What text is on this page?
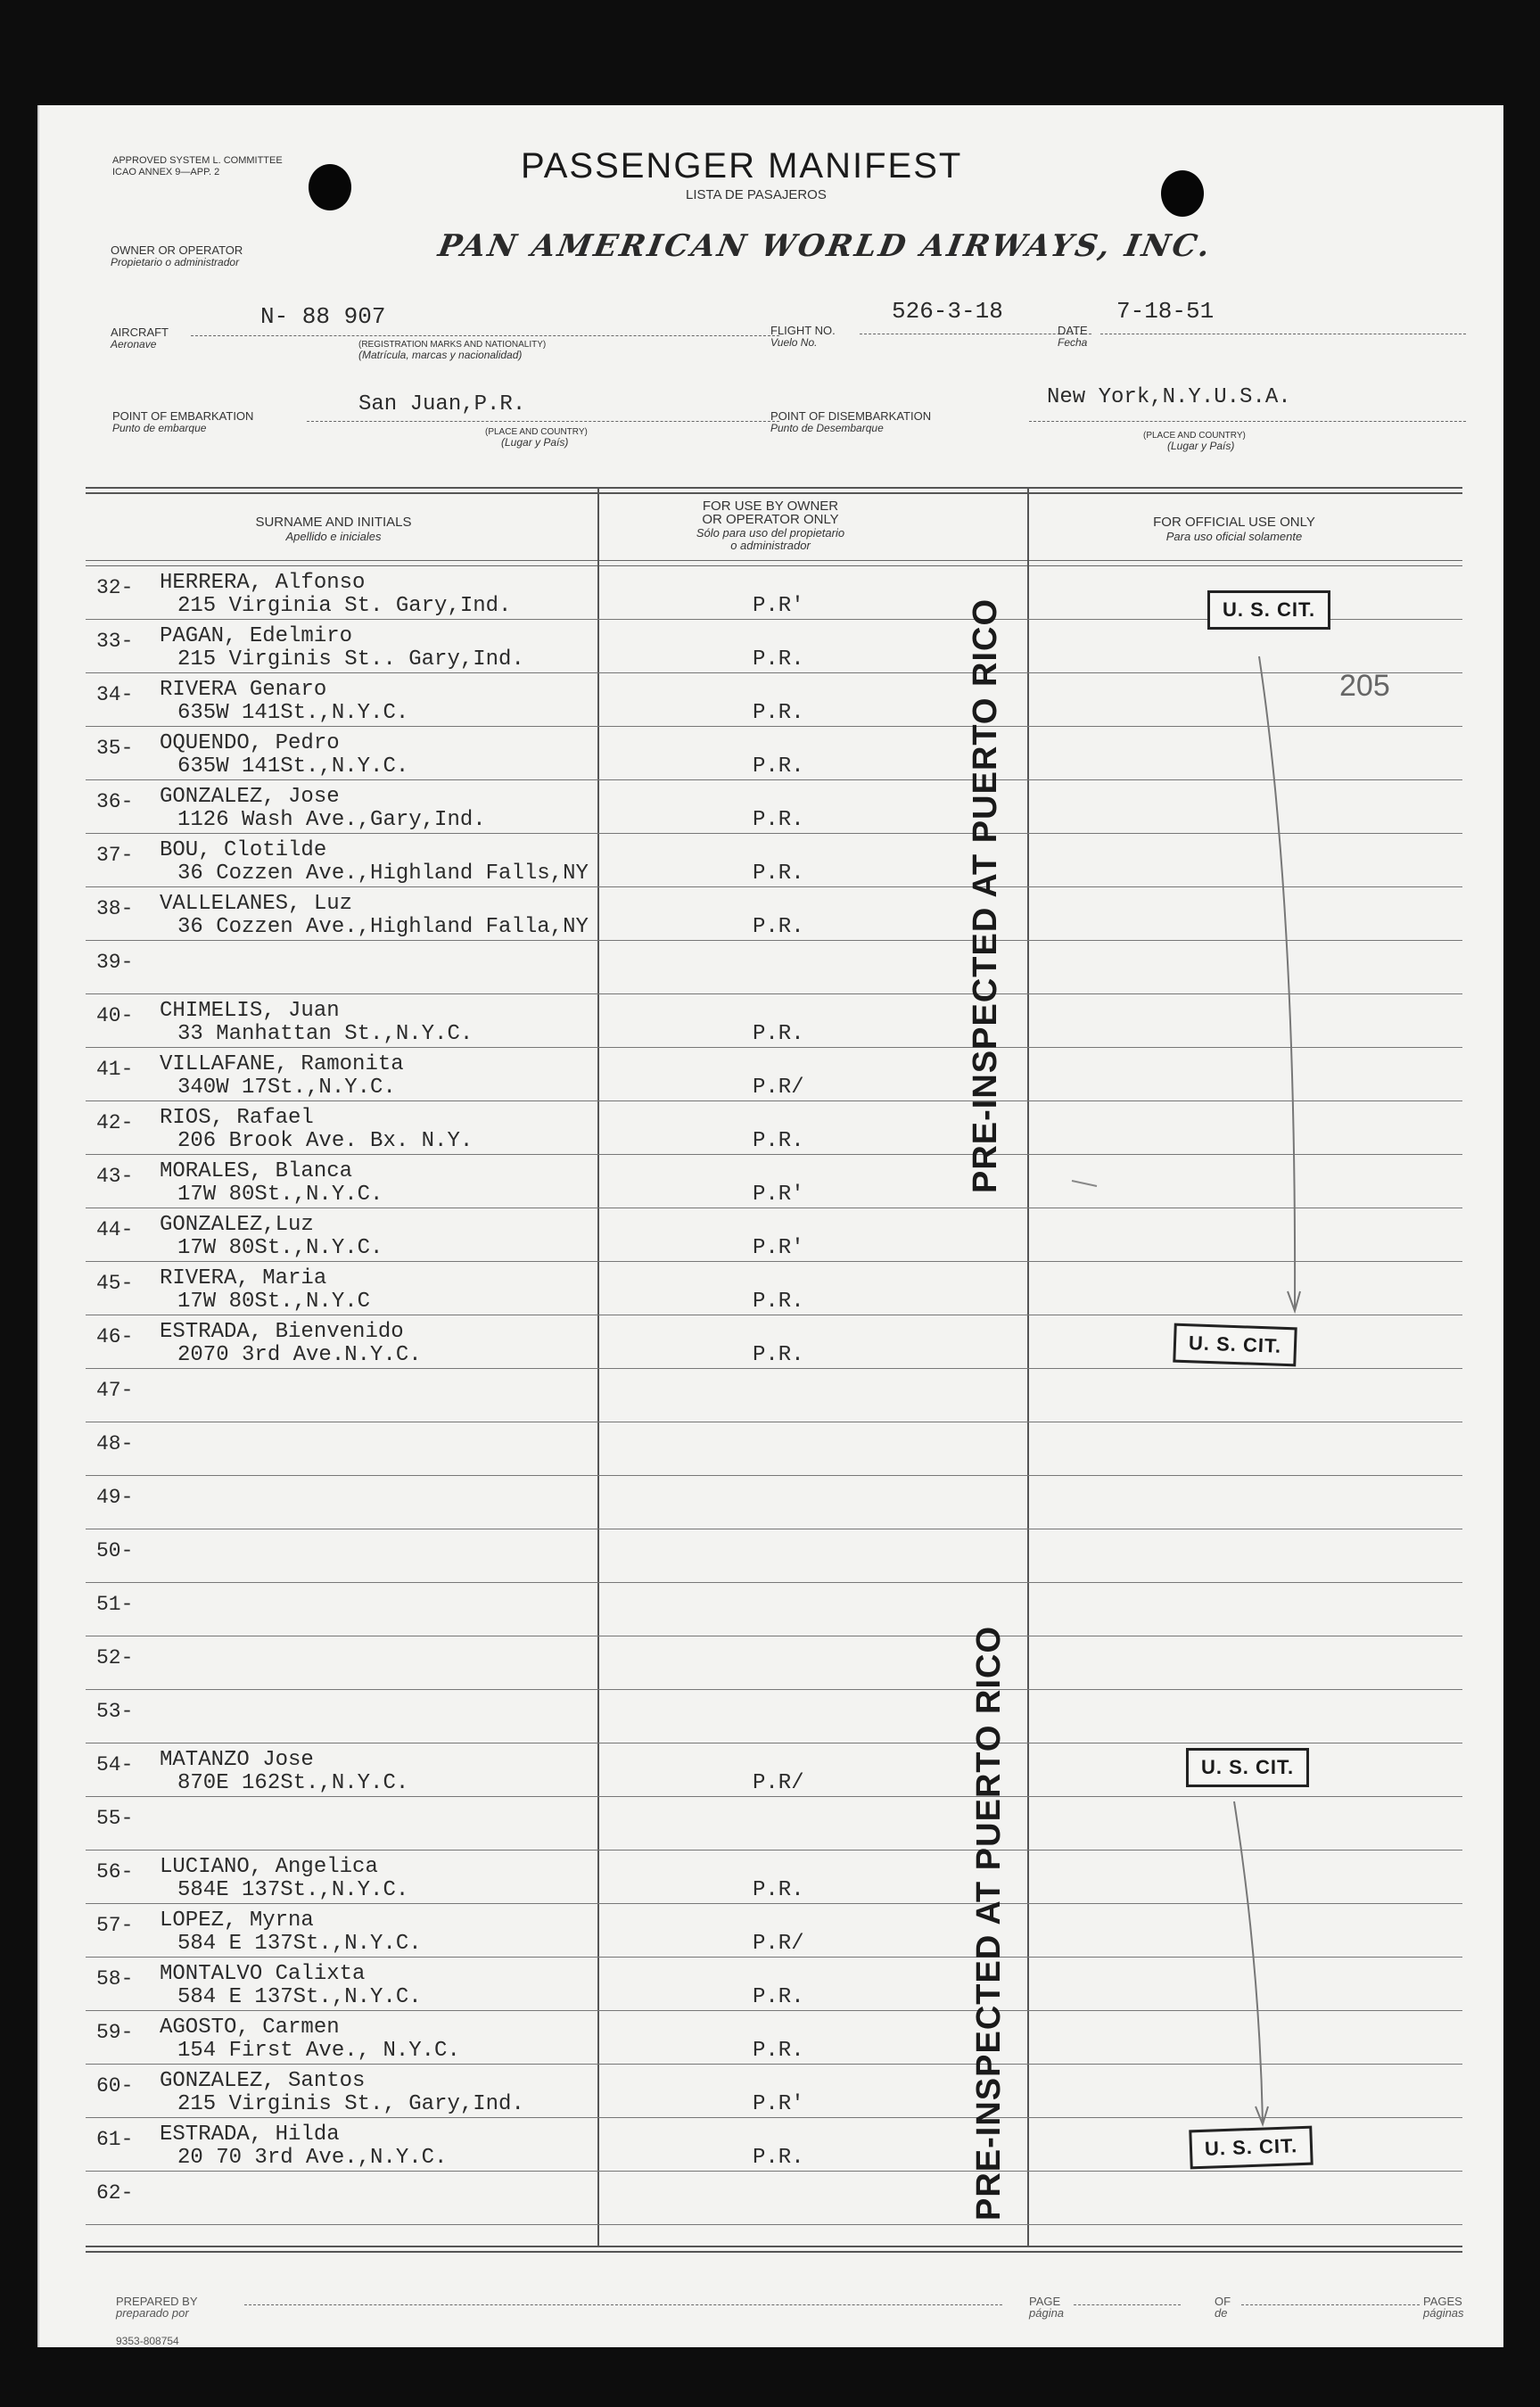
APPROVED SYSTEM L. COMMITTEE ICAO ANNEX 9—APP. 2	PASSENGER MANIFEST
LISTA DE PASAJEROS
OWNER OR OPERATOR
Propietario o administrador	PAN AMERICAN WORLD AIRWAYS, INC.
AIRCRAFT
Aeronave
N- 88 907
(REGISTRATION MARKS AND NATIONALITY)
(Matrícula, marcas y nacionalidad)
FLIGHT NO.
Vuelo No.
526-3-18
DATE
Fecha
7-18-51
POINT OF EMBARKATION
Punto de embarque
San Juan,P.R.
(PLACE AND COUNTRY)
(Lugar y País)
POINT OF DISEMBARKATION
Punto de Desembarque
New York,N.Y.U.S.A.
(PLACE AND COUNTRY)
(Lugar y País)
SURNAME AND INITIALS
Apellido e iniciales
FOR USE BY OWNER
OR OPERATOR ONLY
Sólo para uso del propietario
o administrador
FOR OFFICIAL USE ONLY
Para uso oficial solamente
32- HERRERA, Alfonso
215 Virginia St. Gary,Ind.	P.R'
33- PAGAN, Edelmiro
215 Virginis St.. Gary,Ind.	P.R.
34- RIVERA Genaro
635W 141St.,N.Y.C.	P.R.
35- OQUENDO, Pedro
635W 141St.,N.Y.C.	P.R.
36- GONZALEZ, Jose
1126 Wash Ave.,Gary,Ind.	P.R.
37- BOU, Clotilde
36 Cozzen Ave.,Highland Falls,NY	P.R.
38- VALLELANES, Luz
36 Cozzen Ave.,Highland Falla,NY	P.R.
39-
40- CHIMELIS, Juan
33 Manhattan St.,N.Y.C.	P.R.
41- VILLAFANE, Ramonita
340W 17St.,N.Y.C.	P.R/
42- RIOS, Rafael
206 Brook Ave. Bx. N.Y.	P.R.
43- MORALES, Blanca
17W 80St.,N.Y.C.	P.R'
44- GONZALEZ,Luz
17W 80St.,N.Y.C.	P.R'
45- RIVERA, Maria
17W 80St.,N.Y.C	P.R.
46- ESTRADA, Bienvenido
2070 3rd Ave.N.Y.C.	P.R.
47-
48-
49-
50-
51-
52-
53-
54- MATANZO Jose
870E 162St.,N.Y.C.	P.R/
55-
56- LUCIANO, Angelica
584E 137St.,N.Y.C.	P.R.
57- LOPEZ, Myrna
584 E 137St.,N.Y.C.	P.R/
58- MONTALVO Calixta
584 E 137St.,N.Y.C.	P.R.
59- AGOSTO, Carmen
154 First Ave., N.Y.C.	P.R.
60- GONZALEZ, Santos
215 Virginis St., Gary,Ind.	P.R'
61- ESTRADA, Hilda
20 70 3rd Ave.,N.Y.C.	P.R.
62-
U. S. CIT.
U. S. CIT.
U. S. CIT.
U. S. CIT.
PRE-INSPECTED AT PUERTO RICO
PRE-INSPECTED AT PUERTO RICO
205
PREPARED BY
preparado por
PAGE
página
OF
de
PAGES
páginas
9353-808754
